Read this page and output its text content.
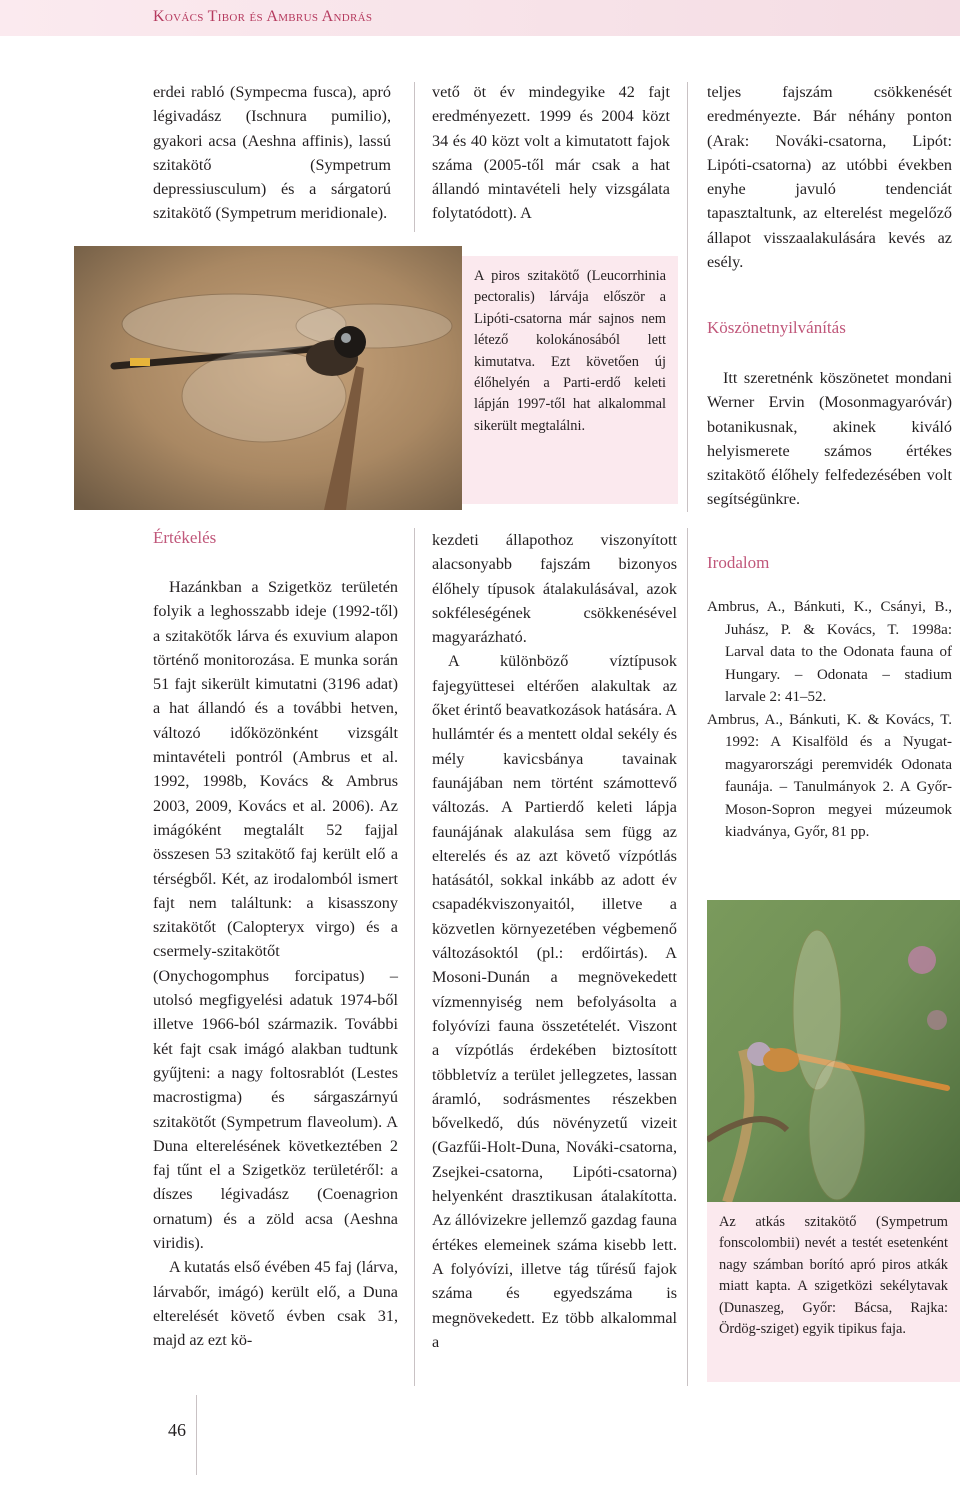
Kovács Tibor és Ambrus András

erdei rabló (Sympecma fusca), apró légivadász (Ischnura pumilio), gyakori acsa (Aeshna affinis), lassú szitakötő (Sympetrum depressiusculum) és a sárgatorú szitakötő (Sympetrum meridionale).

vető öt év mindegyike 42 fajt eredményezett. 1999 és 2004 közt 34 és 40 közt volt a kimutatott fajok száma (2005-től már csak a hat állandó mintavételi hely vizsgálata folytatódott). A

teljes fajszám csökkenését eredményezte. Bár néhány ponton (Arak: Nováki-csatorna, Lipót: Lipóti-csatorna) az utóbbi években enyhe javuló tendenciát tapasztaltunk, az elterelést megelőző állapot visszaalakulására kevés az esély.

A piros szitakötő (Leucorrhinia pectoralis) lárvája először a Lipóti-csatorna már sajnos nem létező kolokánosából lett kimutatva. Ezt követően új élőhelyén a Parti-erdő keleti lápján 1997-től hat alkalommal sikerült megtalálni.
Köszönetnyilvánítás

Itt szeretnénk köszönetet mondani Werner Ervin (Mosonmagyaróvár) botanikusnak, akinek kiváló helyismerete számos értékes szitakötő élőhely felfedezésében volt segítségünkre.

Értékelés

Hazánkban a Szigetköz területén folyik a leghosszabb ideje (1992-től) a szitakötők lárva és exuvium alapon történő monitorozása. E munka során 51 fajt sikerült kimutatni (3196 adat) a hat állandó és a további hetven, változó időközönként vizsgált mintavételi pontról (Ambrus et al. 1992, 1998b, Kovács & Ambrus 2003, 2009, Kovács et al. 2006). Az imágóként megtalált 52 fajjal összesen 53 szitakötő faj került elő a térségből. Két, az irodalomból ismert fajt nem találtunk: a kisasszony szitakötőt (Calopteryx virgo) és a csermely-szitakötőt (Onychogomphus forcipatus) – utolsó megfigyelési adatuk 1974-ből illetve 1966-ból származik. További két fajt csak imágó alakban tudtunk gyűjteni: a nagy foltosrablót (Lestes macrostigma) és sárgaszárnyú szitakötőt (Sympetrum flaveolum). A Duna elterelésének következtében 2 faj tűnt el a Szigetköz területéről: a díszes légivadász (Coenagrion ornatum) és a zöld acsa (Aeshna viridis).

A kutatás első évében 45 faj (lárva, lárvabőr, imágó) került elő, a Duna elterelését követő évben csak 31, majd az ezt kö-

kezdeti állapothoz viszonyított alacsonyabb fajszám bizonyos élőhely típusok átalakulásával, azok sokféleségének csökkenésével magyarázható.

A különböző víztípusok fajegyüttesei eltérően alakultak az őket érintő beavatkozások hatására. A hullámtér és a mentett oldal sekély és mély kavicsbánya tavainak faunájában nem történt számottevő változás. A Partierdő keleti lápja faunájának alakulása sem függ az elterelés és az azt követő vízpótlás hatásától, sokkal inkább az adott év csapadékviszonyaitól, illetve a közvetlen környezetében végbemenő változásoktól (pl.: erdőirtás). A Mosoni-Dunán a megnövekedett vízmennyiség nem befolyásolta a folyóvízi fauna összetételét. Viszont a vízpótlás érdekében biztosított többletvíz a terület jellegzetes, lassan áramló, sodrásmentes részekben bővelkedő, dús növényzetű vizeit (Gazfűi-Holt-Duna, Nováki-csatorna, Zsejkei-csatorna, Lipóti-csatorna) helyenként drasztikusan átalakította. Az állóvizekre jellemző gazdag fauna értékes elemeinek száma kisebb lett. A folyóvízi, illetve tág tűrésű fajok száma és egyedszáma is megnövekedett. Ez több alkalommal a

Irodalom

Ambrus, A., Bánkuti, K., Csányi, B., Juhász, P. & Kovács, T. 1998a: Larval data to the Odonata fauna of Hungary. – Odonata – stadium larvale 2: 41–52.

Ambrus, A., Bánkuti, K. & Kovács, T. 1992: A Kisalföld és a Nyugat-magyarországi peremvidék Odonata faunája. – Tanulmányok 2. A Győr-Moson-Sopron megyei múzeumok kiadványa, Győr, 81 pp.

Az atkás szitakötő (Sympetrum fonscolombii) nevét a testét esetenként nagy számban borító apró piros atkák miatt kapta. A szigetközi sekélytavak (Dunaszeg, Győr: Bácsa, Rajka: Ördög-sziget) egyik tipikus faja.
46
